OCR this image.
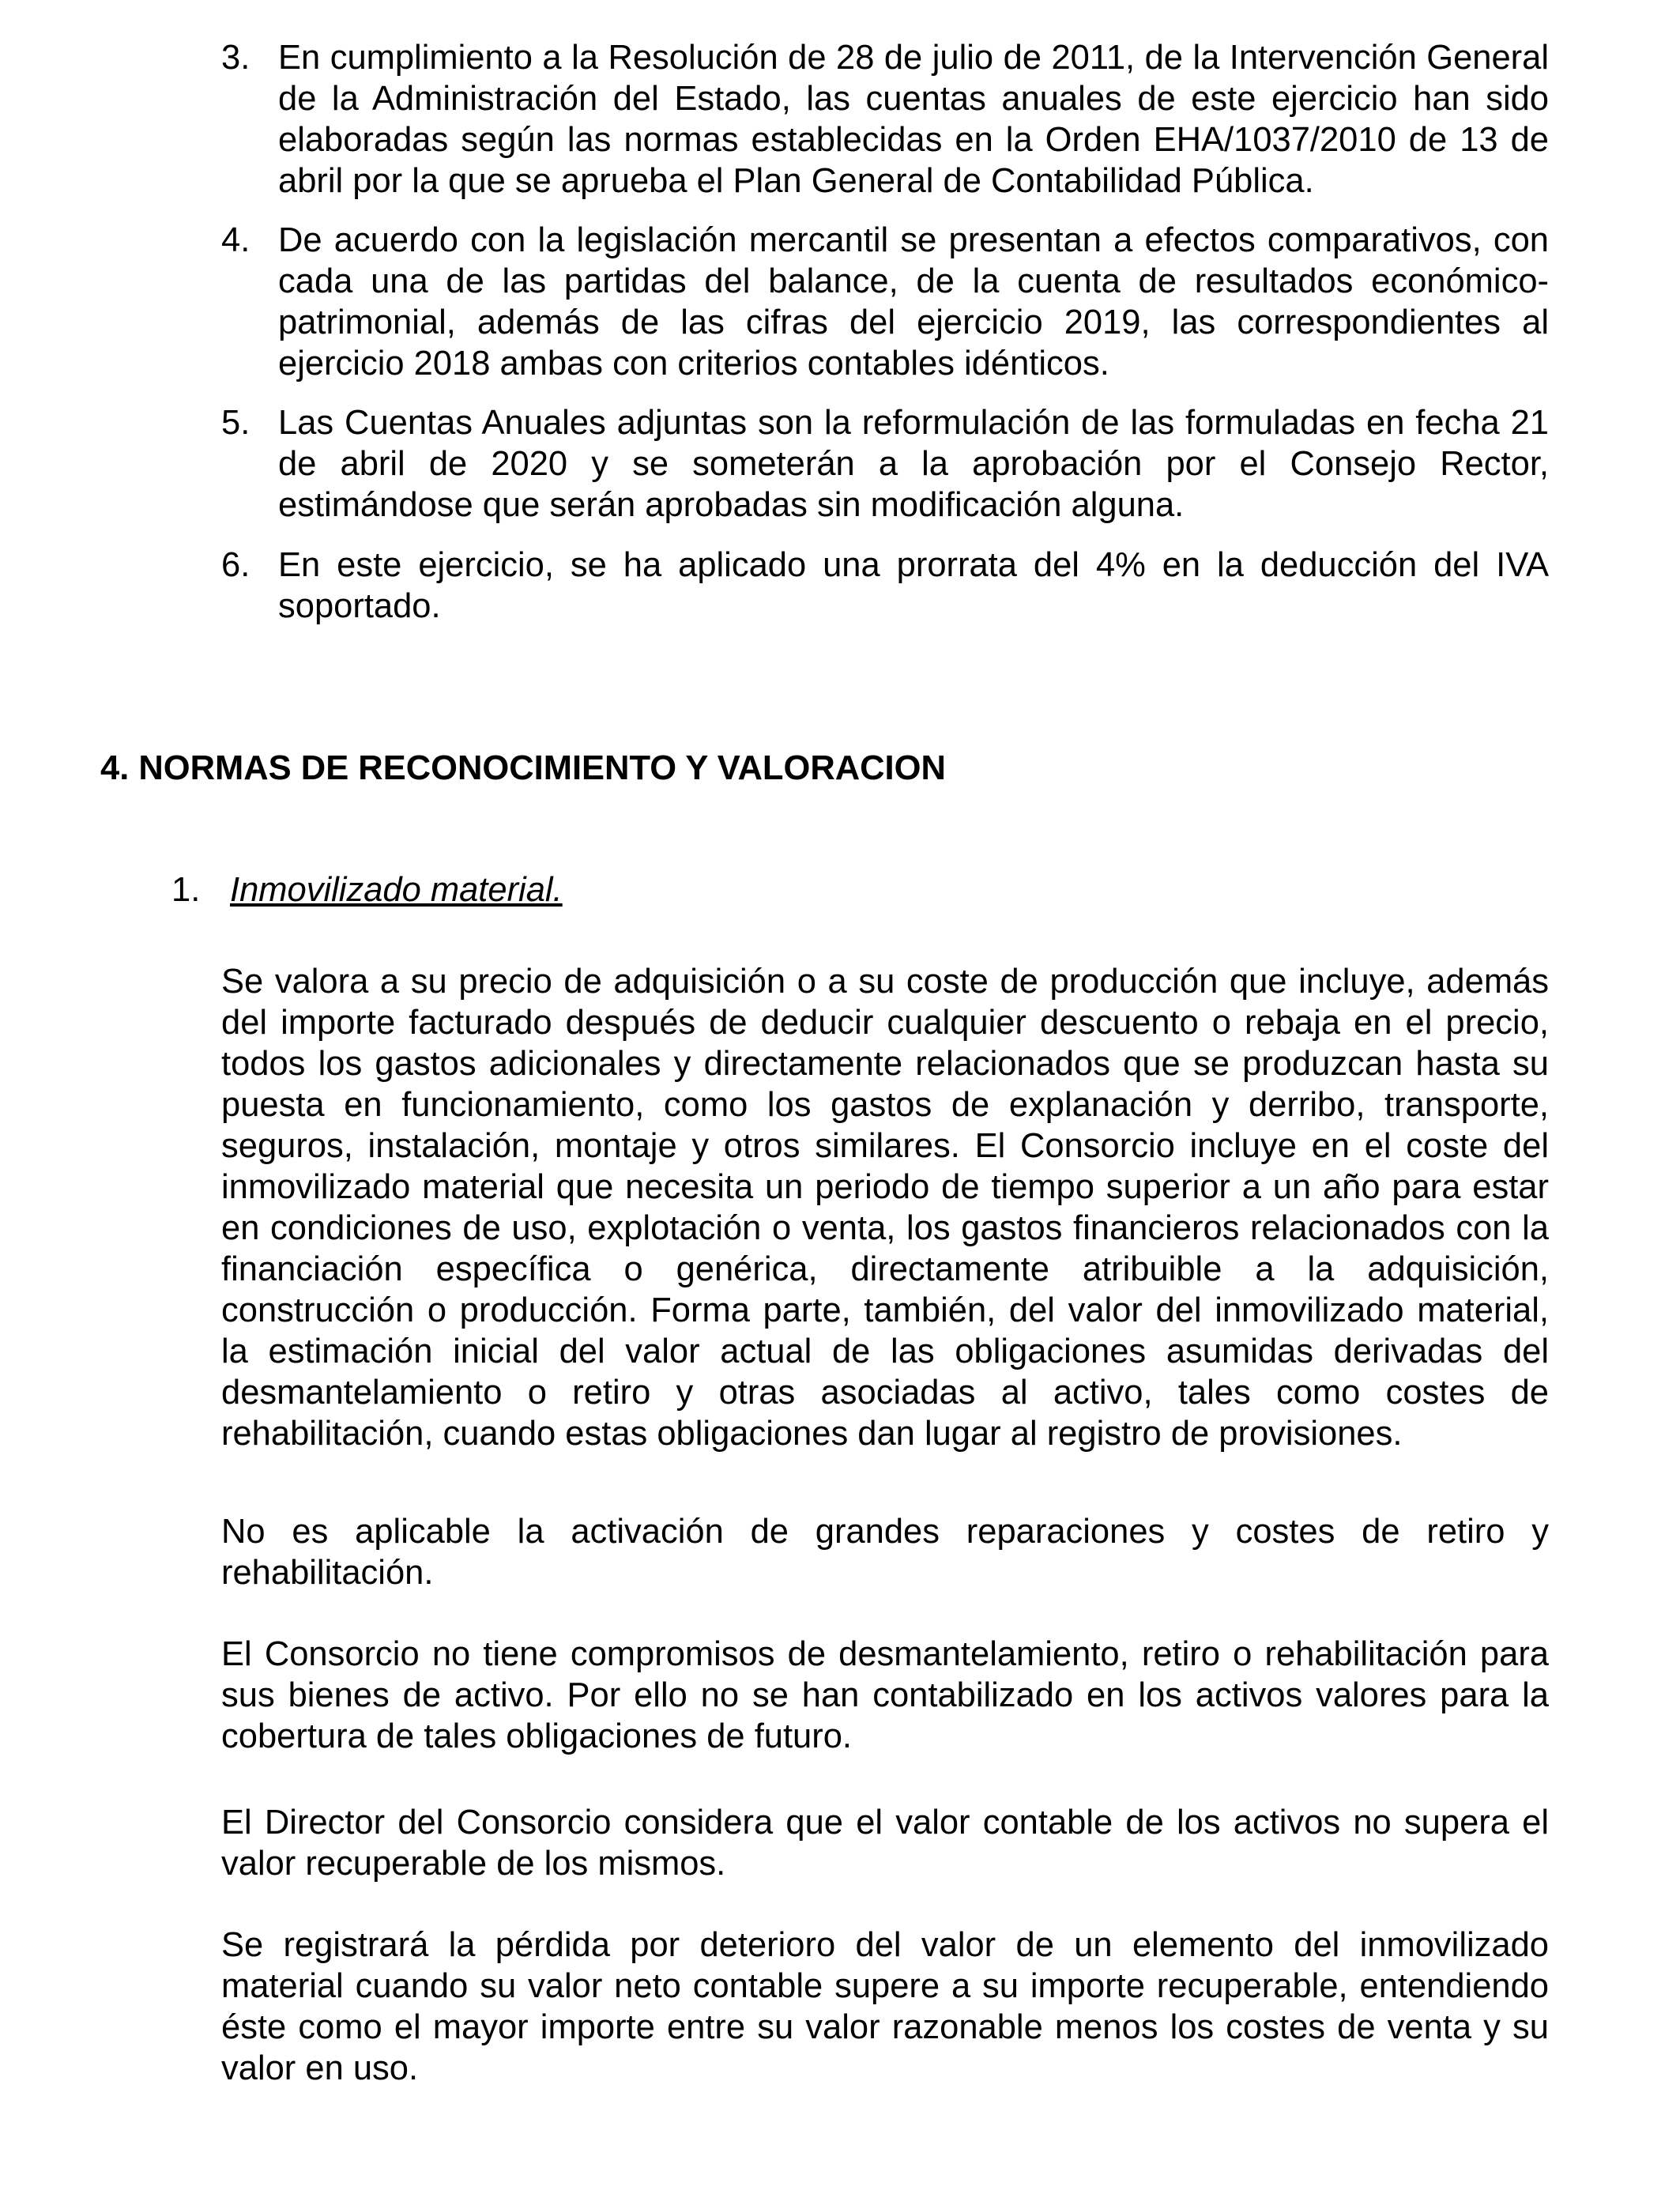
3. En cumplimiento a la Resolución de 28 de julio de 2011, de la Intervención General de la Administración del Estado, las cuentas anuales de este ejercicio han sido elaboradas según las normas establecidas en la Orden EHA/1037/2010 de 13 de abril por la que se aprueba el Plan General de Contabilidad Pública.
4. De acuerdo con la legislación mercantil se presentan a efectos comparativos, con cada una de las partidas del balance, de la cuenta de resultados económico-patrimonial, además de las cifras del ejercicio 2019, las correspondientes al ejercicio 2018 ambas con criterios contables idénticos.
5. Las Cuentas Anuales adjuntas son la reformulación de las formuladas en fecha 21 de abril de 2020 y se someterán a la aprobación por el Consejo Rector, estimándose que serán aprobadas sin modificación alguna.
6. En este ejercicio, se ha aplicado una prorrata del 4% en la deducción del IVA soportado.
4. NORMAS DE RECONOCIMIENTO Y VALORACION
1. Inmovilizado material.

Se valora a su precio de adquisición o a su coste de producción que incluye, además del importe facturado después de deducir cualquier descuento o rebaja en el precio, todos los gastos adicionales y directamente relacionados que se produzcan hasta su puesta en funcionamiento, como los gastos de explanación y derribo, transporte, seguros, instalación, montaje y otros similares. El Consorcio incluye en el coste del inmovilizado material que necesita un periodo de tiempo superior a un año para estar en condiciones de uso, explotación o venta, los gastos financieros relacionados con la financiación específica o genérica, directamente atribuible a la adquisición, construcción o producción. Forma parte, también, del valor del inmovilizado material, la estimación inicial del valor actual de las obligaciones asumidas derivadas del desmantelamiento o retiro y otras asociadas al activo, tales como costes de rehabilitación, cuando estas obligaciones dan lugar al registro de provisiones.

No es aplicable la activación de grandes reparaciones y costes de retiro y rehabilitación.

El Consorcio no tiene compromisos de desmantelamiento, retiro o rehabilitación para sus bienes de activo. Por ello no se han contabilizado en los activos valores para la cobertura de tales obligaciones de futuro.

El Director del Consorcio considera que el valor contable de los activos no supera el valor recuperable de los mismos.

Se registrará la pérdida por deterioro del valor de un elemento del inmovilizado material cuando su valor neto contable supere a su importe recuperable, entendiendo éste como el mayor importe entre su valor razonable menos los costes de venta y su valor en uso.
